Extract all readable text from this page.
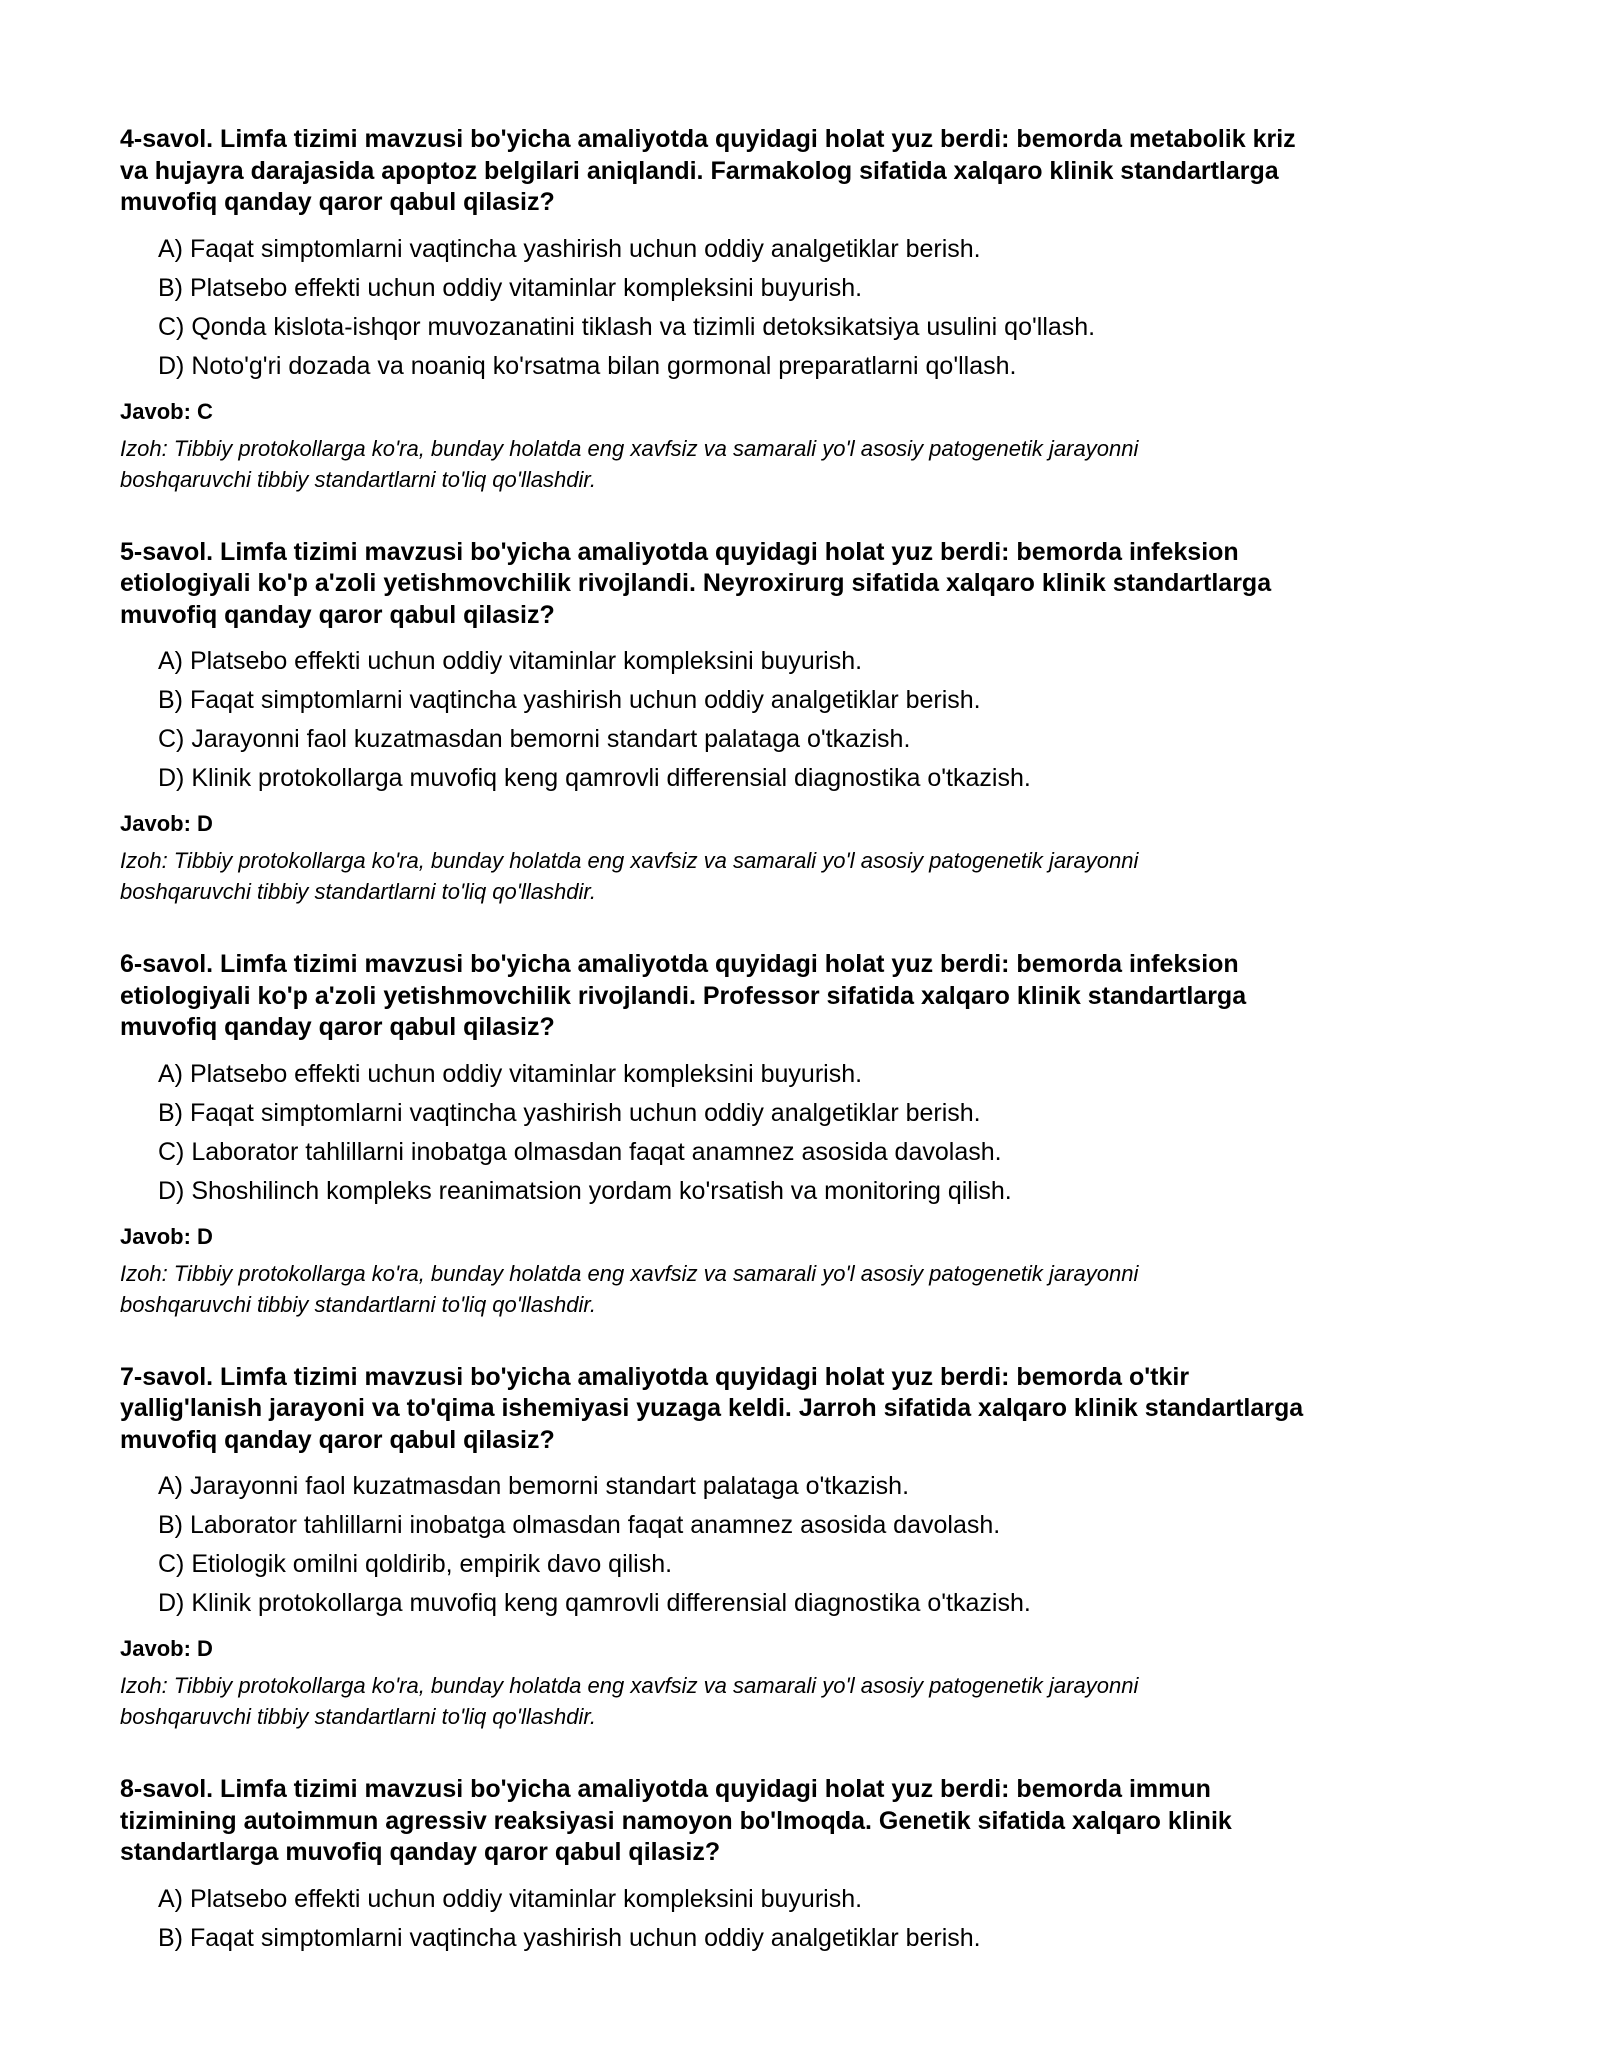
4-savol. Limfa tizimi mavzusi bo'yicha amaliyotda quyidagi holat yuz berdi: bemorda metabolik kriz
va hujayra darajasida apoptoz belgilari aniqlandi. Farmakolog sifatida xalqaro klinik standartlarga
muvofiq qanday qaror qabul qilasiz?
A) Faqat simptomlarni vaqtincha yashirish uchun oddiy analgetiklar berish.
B) Platsebo effekti uchun oddiy vitaminlar kompleksini buyurish.
C) Qonda kislota-ishqor muvozanatini tiklash va tizimli detoksikatsiya usulini qo'llash.
D) Noto'g'ri dozada va noaniq ko'rsatma bilan gormonal preparatlarni qo'llash.
Javob: C
Izoh: Tibbiy protokollarga ko'ra, bunday holatda eng xavfsiz va samarali yo'l asosiy patogenetik jarayonni
boshqaruvchi tibbiy standartlarni to'liq qo'llashdir.
5-savol. Limfa tizimi mavzusi bo'yicha amaliyotda quyidagi holat yuz berdi: bemorda infeksion
etiologiyali ko'p a'zoli yetishmovchilik rivojlandi. Neyroxirurg sifatida xalqaro klinik standartlarga
muvofiq qanday qaror qabul qilasiz?
A) Platsebo effekti uchun oddiy vitaminlar kompleksini buyurish.
B) Faqat simptomlarni vaqtincha yashirish uchun oddiy analgetiklar berish.
C) Jarayonni faol kuzatmasdan bemorni standart palataga o'tkazish.
D) Klinik protokollarga muvofiq keng qamrovli differensial diagnostika o'tkazish.
Javob: D
Izoh: Tibbiy protokollarga ko'ra, bunday holatda eng xavfsiz va samarali yo'l asosiy patogenetik jarayonni
boshqaruvchi tibbiy standartlarni to'liq qo'llashdir.
6-savol. Limfa tizimi mavzusi bo'yicha amaliyotda quyidagi holat yuz berdi: bemorda infeksion
etiologiyali ko'p a'zoli yetishmovchilik rivojlandi. Professor sifatida xalqaro klinik standartlarga
muvofiq qanday qaror qabul qilasiz?
A) Platsebo effekti uchun oddiy vitaminlar kompleksini buyurish.
B) Faqat simptomlarni vaqtincha yashirish uchun oddiy analgetiklar berish.
C) Laborator tahlillarni inobatga olmasdan faqat anamnez asosida davolash.
D) Shoshilinch kompleks reanimatsion yordam ko'rsatish va monitoring qilish.
Javob: D
Izoh: Tibbiy protokollarga ko'ra, bunday holatda eng xavfsiz va samarali yo'l asosiy patogenetik jarayonni
boshqaruvchi tibbiy standartlarni to'liq qo'llashdir.
7-savol. Limfa tizimi mavzusi bo'yicha amaliyotda quyidagi holat yuz berdi: bemorda o'tkir
yallig'lanish jarayoni va to'qima ishemiyasi yuzaga keldi. Jarroh sifatida xalqaro klinik standartlarga
muvofiq qanday qaror qabul qilasiz?
A) Jarayonni faol kuzatmasdan bemorni standart palataga o'tkazish.
B) Laborator tahlillarni inobatga olmasdan faqat anamnez asosida davolash.
C) Etiologik omilni qoldirib, empirik davo qilish.
D) Klinik protokollarga muvofiq keng qamrovli differensial diagnostika o'tkazish.
Javob: D
Izoh: Tibbiy protokollarga ko'ra, bunday holatda eng xavfsiz va samarali yo'l asosiy patogenetik jarayonni
boshqaruvchi tibbiy standartlarni to'liq qo'llashdir.
8-savol. Limfa tizimi mavzusi bo'yicha amaliyotda quyidagi holat yuz berdi: bemorda immun
tizimining autoimmun agressiv reaksiyasi namoyon bo'lmoqda. Genetik sifatida xalqaro klinik
standartlarga muvofiq qanday qaror qabul qilasiz?
A) Platsebo effekti uchun oddiy vitaminlar kompleksini buyurish.
B) Faqat simptomlarni vaqtincha yashirish uchun oddiy analgetiklar berish.
